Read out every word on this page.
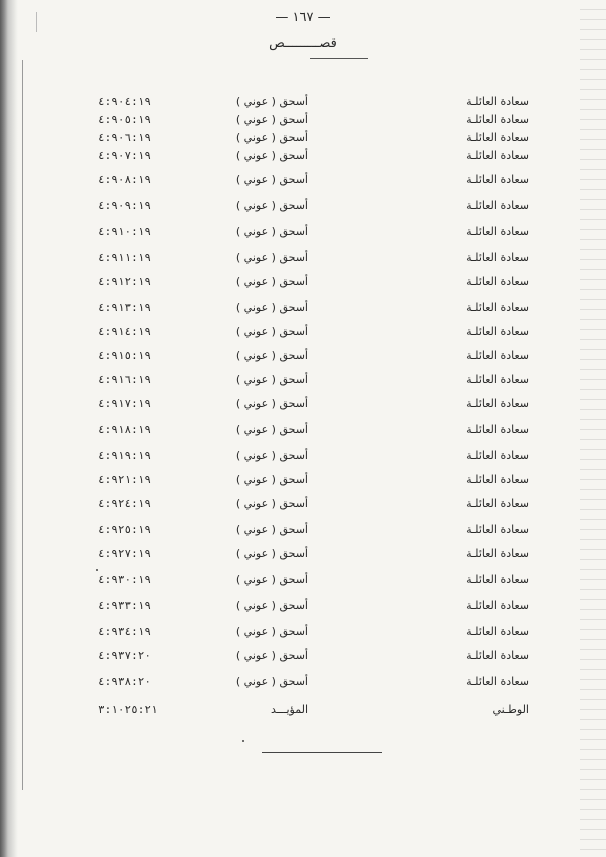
— ١٦٧ —
قصـــــــــص
سعادة العائلـة
أسحق ( عوني )
٤:٩٠٤:١٩
سعادة العائلـة
أسحق ( عوني )
٤:٩٠٥:١٩
سعادة العائلـة
أسحق ( عوني )
٤:٩٠٦:١٩
سعادة العائلـة
أسحق ( عوني )
٤:٩٠٧:١٩
سعادة العائلـة
أسحق ( عوني )
٤:٩٠٨:١٩
سعادة العائلـة
أسحق ( عوني )
٤:٩٠٩:١٩
سعادة العائلـة
أسحق ( عوني )
٤:٩١٠:١٩
سعادة العائلـة
أسحق ( عوني )
٤:٩١١:١٩
سعادة العائلـة
أسحق ( عوني )
٤:٩١٢:١٩
سعادة العائلـة
أسحق ( عوني )
٤:٩١٣:١٩
سعادة العائلـة
أسحق ( عوني )
٤:٩١٤:١٩
سعادة العائلـة
أسحق ( عوني )
٤:٩١٥:١٩
سعادة العائلـة
أسحق ( عوني )
٤:٩١٦:١٩
سعادة العائلـة
أسحق ( عوني )
٤:٩١٧:١٩
سعادة العائلـة
أسحق ( عوني )
٤:٩١٨:١٩
سعادة العائلـة
أسحق ( عوني )
٤:٩١٩:١٩
سعادة العائلـة
أسحق ( عوني )
٤:٩٢١:١٩
سعادة العائلـة
أسحق ( عوني )
٤:٩٢٤:١٩
سعادة العائلـة
أسحق ( عوني )
٤:٩٢٥:١٩
سعادة العائلـة
أسحق ( عوني )
٤:٩٢٧:١٩
سعادة العائلـة
أسحق ( عوني )
٤:٩٣٠:١٩
سعادة العائلـة
أسحق ( عوني )
٤:٩٣٣:١٩
سعادة العائلـة
أسحق ( عوني )
٤:٩٣٤:١٩
سعادة العائلـة
أسحق ( عوني )
٤:٩٣٧:٢٠
سعادة العائلـة
أسحق ( عوني )
٤:٩٣٨:٢٠
الوطـني
المؤيـــد
٣:١٠٢٥:٢١
